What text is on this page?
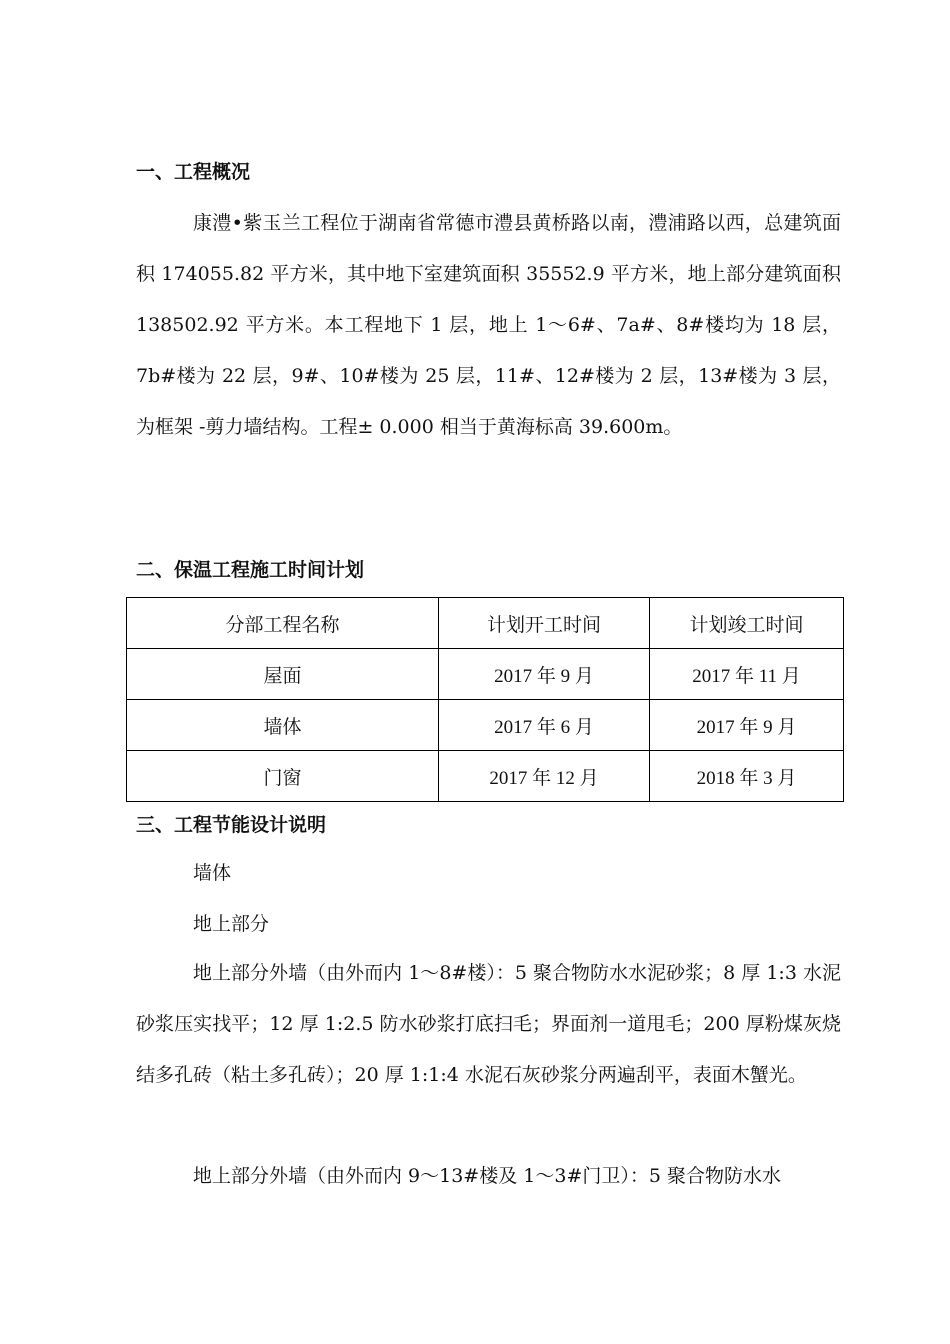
一、工程概况

康澧•紫玉兰工程位于湖南省常德市澧县黄桥路以南，澧浦路以西，总建筑面积 174055.82 平方米，其中地下室建筑面积 35552.9 平方米，地上部分建筑面积 138502.92 平方米。本工程地下 1 层，地上 1～6#、7a#、8#楼均为 18 层，7b#楼为 22 层，9#、10#楼为 25 层，11#、12#楼为 2 层，13#楼为 3 层，为框架 -剪力墙结构。工程± 0.000 相当于黄海标高 39.600m。

二、保温工程施工时间计划
分部工程名称	计划开工时间	计划竣工时间
屋面	2017 年 9 月	2017 年 11 月
墙体	2017 年 6 月	2017 年 9 月
门窗	2017 年 12 月	2018 年 3 月
三、工程节能设计说明
墙体
地上部分

地上部分外墙（由外而内 1～8#楼）：5 聚合物防水水泥砂浆；8 厚 1:3 水泥砂浆压实找平；12 厚 1:2.5 防水砂浆打底扫毛；界面剂一道甩毛；200 厚粉煤灰烧结多孔砖（粘土多孔砖）；20 厚 1:1:4 水泥石灰砂浆分两遍刮平，表面木蟹光。

地上部分外墙（由外而内 9～13#楼及 1～3#门卫）：5 聚合物防水水
